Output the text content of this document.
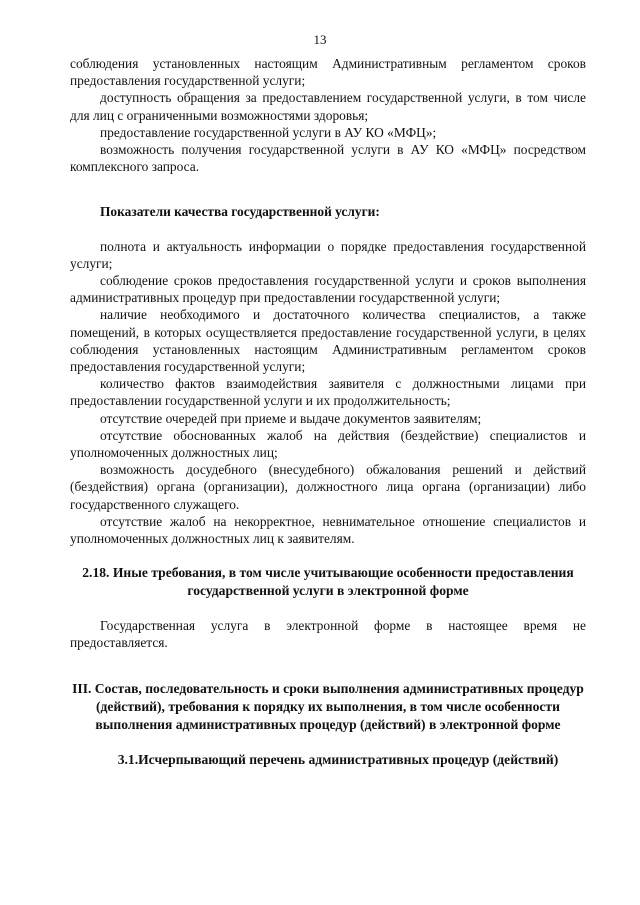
13

соблюдения установленных настоящим Административным регламентом сроков предоставления государственной услуги;

доступность обращения за предоставлением государственной услуги, в том числе для лиц с ограниченными возможностями здоровья;

предоставление государственной услуги в АУ КО «МФЦ»;

возможность получения государственной услуги в АУ КО «МФЦ» посредством комплексного запроса.

Показатели качества государственной услуги:

полнота и актуальность информации о порядке предоставления государственной услуги;

соблюдение сроков предоставления государственной услуги и сроков выполнения административных процедур при предоставлении государственной услуги;

наличие необходимого и достаточного количества специалистов, а также помещений, в которых осуществляется предоставление государственной услуги, в целях соблюдения установленных настоящим Административным регламентом сроков предоставления государственной услуги;

количество фактов взаимодействия заявителя с должностными лицами при предоставлении государственной услуги и их продолжительность;

отсутствие очередей при приеме и выдаче документов заявителям;

отсутствие обоснованных жалоб на действия (бездействие) специалистов и уполномоченных должностных лиц;

возможность досудебного (внесудебного) обжалования решений и действий (бездействия) органа (организации), должностного лица органа (организации) либо государственного служащего.

отсутствие жалоб на некорректное, невнимательное отношение специалистов и уполномоченных должностных лиц к заявителям.

2.18. Иные требования, в том числе учитывающие особенности предоставления государственной услуги в электронной форме

Государственная услуга в электронной форме в настоящее время не предоставляется.

III. Состав, последовательность и сроки выполнения административных процедур (действий), требования к порядку их выполнения, в том числе особенности выполнения административных процедур (действий) в электронной форме

3.1.Исчерпывающий перечень административных процедур (действий)
